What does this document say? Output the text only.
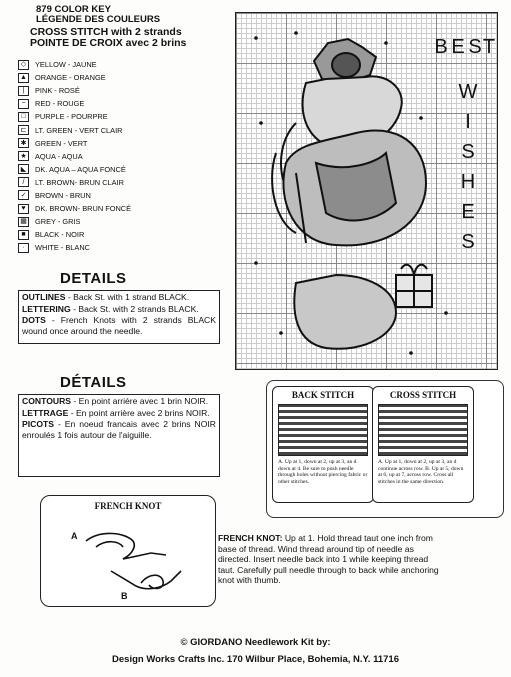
879 COLOR KEY
LÉGENDE DES COULEURS
CROSS STITCH with 2 strands
POINTE DE CROIX avec 2 brins
◇	YELLOW - JAUNE
▲ ORANGE - ORANGE
|	PINK - ROSÉ
−	RED - ROUGE
□	PURPLE - POURPRE
⊏	LT. GREEN - VERT CLAIR
✱	GREEN - VERT
★	AQUA - AQUA
◣	DK. AQUA – AQUA FONCÉ
/	LT. BROWN- BRUN CLAIR
✓	BROWN - BRUN
♥	DK. BROWN- BRUN FONCÉ
▦ GREY - GRIS
■	BLACK - NOIR
·	WHITE - BLANC
DETAILS

OUTLINES - Back St. with 1 strand BLACK.

LETTERING - Back St. with 2 strands BLACK.

DOTS - French Knots with 2 strands BLACK wound once around the needle.

DÉTAILS

CONTOURS - En point arrière avec 1 brin NOIR.

LETTRAGE - En point arrière avec 2 brins NOIR.

PICOTS - En noeud francais avec 2 brins NOIR enroulés 1 fois autour de l'aiguille.

B E S T
W
I
S
H
E
S
BACK STITCH
A. Up at 1, down at 2, up at 3, an d down at 4. Be sure to push needle through holes without piercing fabric or other stitches.
CROSS STITCH
A. Up at 1, down at 2, up at 3, an d continue across row. B. Up at 5, down at 6, up at 7, across row. Cross all stitches in the same direction.
FRENCH KNOT
A
B
FRENCH KNOT: Up at 1. Hold thread taut one inch from base of thread. Wind thread around tip of needle as directed. Insert needle back into 1 while keeping thread taut. Carefully pull needle through to back while anchoring knot with thumb.
© GIORDANO Needlework Kit by:
Design Works Crafts Inc. 170 Wilbur Place, Bohemia, N.Y. 11716
